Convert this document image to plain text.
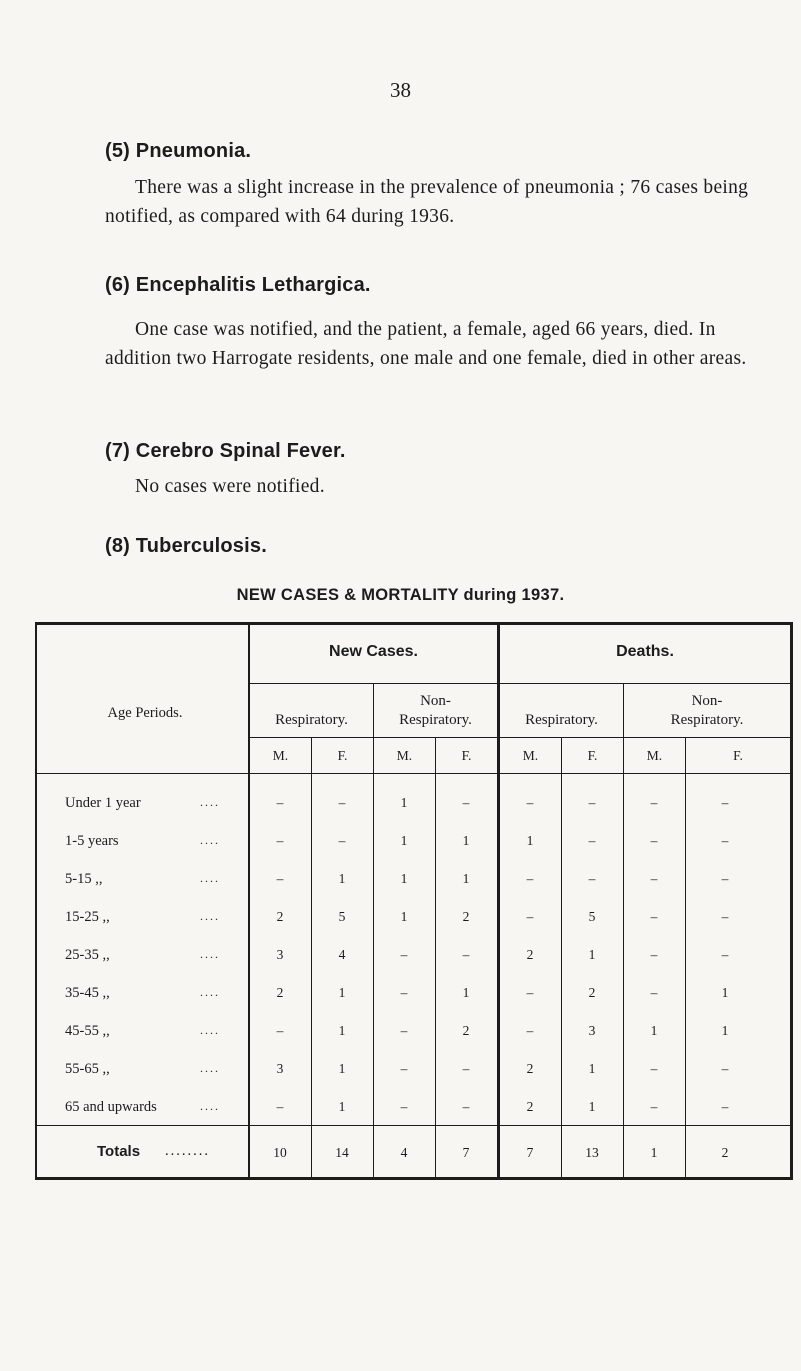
38
(5) Pneumonia.
There was a slight increase in the prevalence of pneumonia ; 76 cases being notified, as compared with 64 during 1936.
(6) Encephalitis Lethargica.
One case was notified, and the patient, a female, aged 66 years, died. In addition two Harrogate residents, one male and one female, died in other areas.
(7) Cerebro Spinal Fever.
No cases were notified.
(8) Tuberculosis.
NEW CASES & MORTALITY during 1937.
Age Periods.
New Cases.	Deaths.
Respiratory.
Non-
Respiratory.	Respiratory.
Non-
Respiratory.
M.	F.	M.	F.	M.	F.	M.	F.
Under 1 year	....	–	–	1	–	–	–	–	–
1-5 years	....	–	–	1	1	1	–	–	–
5-15 ,,	....	–	1	1	1	–	–	–	–
15-25 ,,	....	2	5	1	2	–	5	–	–
25-35 ,,	....	3	4	–	–	2	1	–	–
35-45 ,,	....	2	1	–	1	–	2	–	1
45-55 ,,	....	–	1	–	2	–	3	1	1
55-65 ,,	....	3	1	–	–	2	1	–	–
65 and upwards	....	–	1	–	–	2	1	–	–
Totals ........	10	14	4	7	7	13	1	2
